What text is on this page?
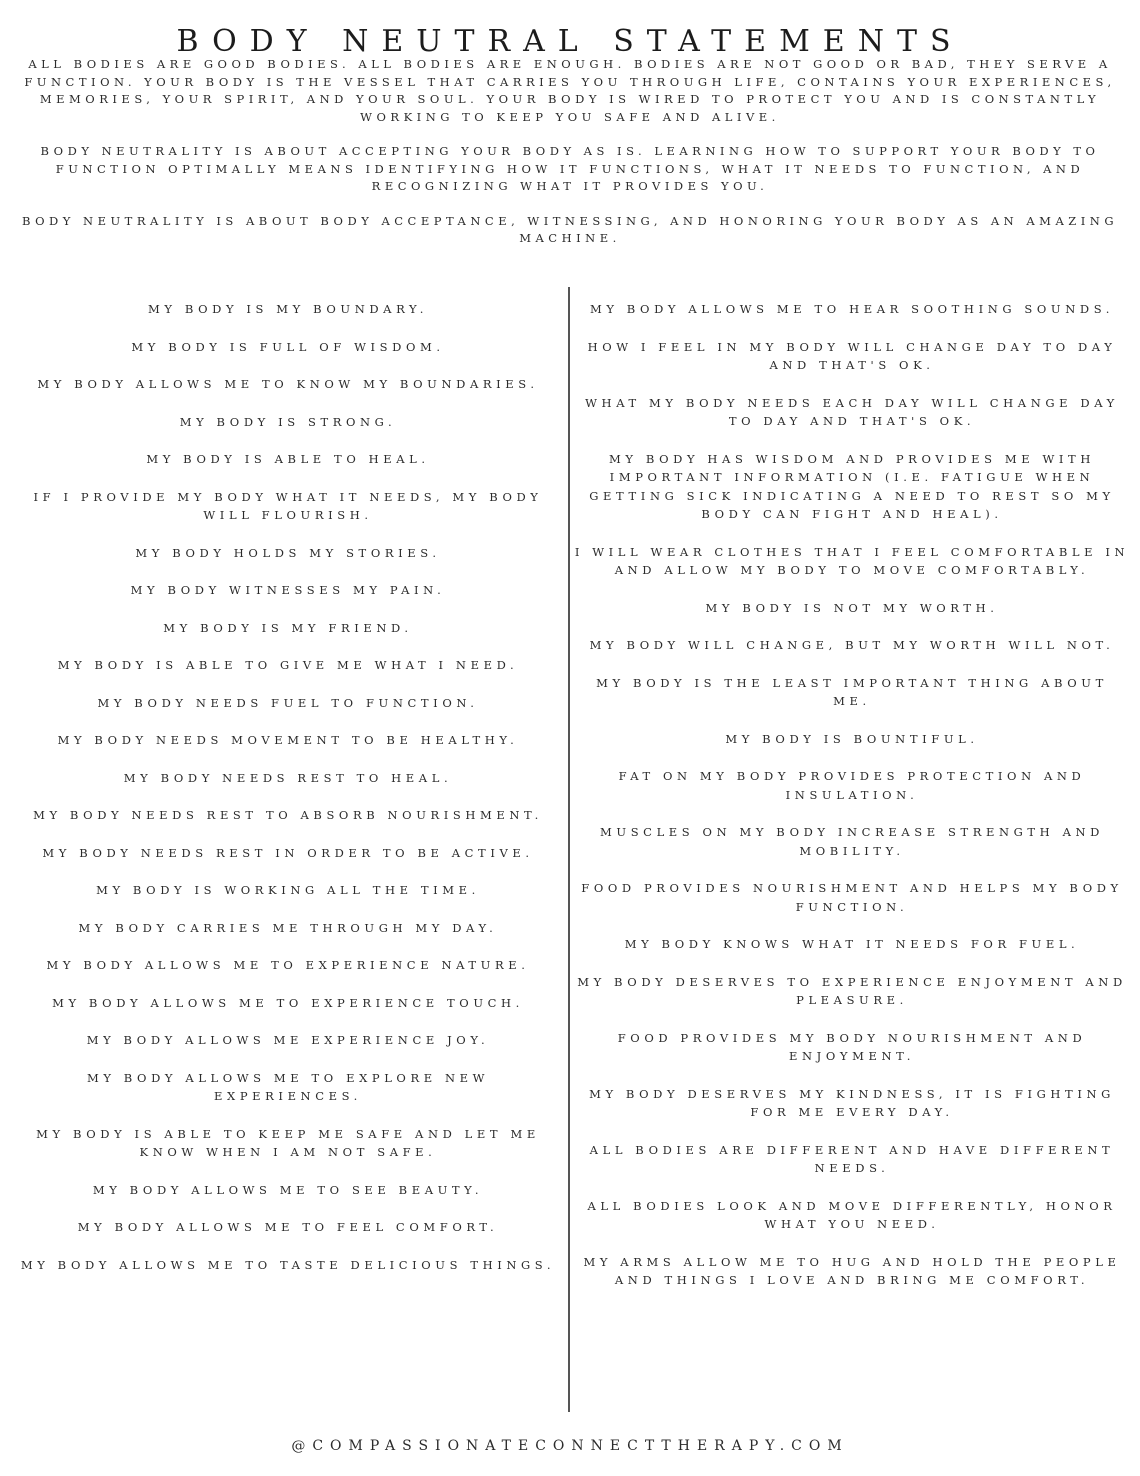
BODY NEUTRAL STATEMENTS

ALL BODIES ARE GOOD BODIES. ALL BODIES ARE ENOUGH. BODIES ARE NOT GOOD OR BAD, THEY SERVE A FUNCTION. YOUR BODY IS THE VESSEL THAT CARRIES YOU THROUGH LIFE, CONTAINS YOUR EXPERIENCES, MEMORIES, YOUR SPIRIT, AND YOUR SOUL. YOUR BODY IS WIRED TO PROTECT YOU AND IS CONSTANTLY WORKING TO KEEP YOU SAFE AND ALIVE.

BODY NEUTRALITY IS ABOUT ACCEPTING YOUR BODY AS IS. LEARNING HOW TO SUPPORT YOUR BODY TO FUNCTION OPTIMALLY MEANS IDENTIFYING HOW IT FUNCTIONS, WHAT IT NEEDS TO FUNCTION, AND RECOGNIZING WHAT IT PROVIDES YOU.

BODY NEUTRALITY IS ABOUT BODY ACCEPTANCE, WITNESSING, AND HONORING YOUR BODY AS AN AMAZING MACHINE.

MY BODY IS MY BOUNDARY.

MY BODY IS FULL OF WISDOM.

MY BODY ALLOWS ME TO KNOW MY BOUNDARIES.

MY BODY IS STRONG.

MY BODY IS ABLE TO HEAL.

IF I PROVIDE MY BODY WHAT IT NEEDS, MY BODY WILL FLOURISH.

MY BODY HOLDS MY STORIES.

MY BODY WITNESSES MY PAIN.

MY BODY IS MY FRIEND.

MY BODY IS ABLE TO GIVE ME WHAT I NEED.

MY BODY NEEDS FUEL TO FUNCTION.

MY BODY NEEDS MOVEMENT TO BE HEALTHY.

MY BODY NEEDS REST TO HEAL.

MY BODY NEEDS REST TO ABSORB NOURISHMENT.

MY BODY NEEDS REST IN ORDER TO BE ACTIVE.

MY BODY IS WORKING ALL THE TIME.

MY BODY CARRIES ME THROUGH MY DAY.

MY BODY ALLOWS ME TO EXPERIENCE NATURE.

MY BODY ALLOWS ME TO EXPERIENCE TOUCH.

MY BODY ALLOWS ME EXPERIENCE JOY.

MY BODY ALLOWS ME TO EXPLORE NEW EXPERIENCES.

MY BODY IS ABLE TO KEEP ME SAFE AND LET ME KNOW WHEN I AM NOT SAFE.

MY BODY ALLOWS ME TO SEE BEAUTY.

MY BODY ALLOWS ME TO FEEL COMFORT.

MY BODY ALLOWS ME TO TASTE DELICIOUS THINGS.

MY BODY ALLOWS ME TO HEAR SOOTHING SOUNDS.

HOW I FEEL IN MY BODY WILL CHANGE DAY TO DAY AND THAT'S OK.

WHAT MY BODY NEEDS EACH DAY WILL CHANGE DAY TO DAY AND THAT'S OK.

MY BODY HAS WISDOM AND PROVIDES ME WITH IMPORTANT INFORMATION (I.E. FATIGUE WHEN GETTING SICK INDICATING A NEED TO REST SO MY BODY CAN FIGHT AND HEAL).

I WILL WEAR CLOTHES THAT I FEEL COMFORTABLE IN AND ALLOW MY BODY TO MOVE COMFORTABLY.

MY BODY IS NOT MY WORTH.

MY BODY WILL CHANGE, BUT MY WORTH WILL NOT.

MY BODY IS THE LEAST IMPORTANT THING ABOUT ME.

MY BODY IS BOUNTIFUL.

FAT ON MY BODY PROVIDES PROTECTION AND INSULATION.

MUSCLES ON MY BODY INCREASE STRENGTH AND MOBILITY.

FOOD PROVIDES NOURISHMENT AND HELPS MY BODY FUNCTION.

MY BODY KNOWS WHAT IT NEEDS FOR FUEL.

MY BODY DESERVES TO EXPERIENCE ENJOYMENT AND PLEASURE.

FOOD PROVIDES MY BODY NOURISHMENT AND ENJOYMENT.

MY BODY DESERVES MY KINDNESS, IT IS FIGHTING FOR ME EVERY DAY.

ALL BODIES ARE DIFFERENT AND HAVE DIFFERENT NEEDS.

ALL BODIES LOOK AND MOVE DIFFERENTLY, HONOR WHAT YOU NEED.

MY ARMS ALLOW ME TO HUG AND HOLD THE PEOPLE AND THINGS I LOVE AND BRING ME COMFORT.

@COMPASSIONATECONNECTTHERAPY.COM
